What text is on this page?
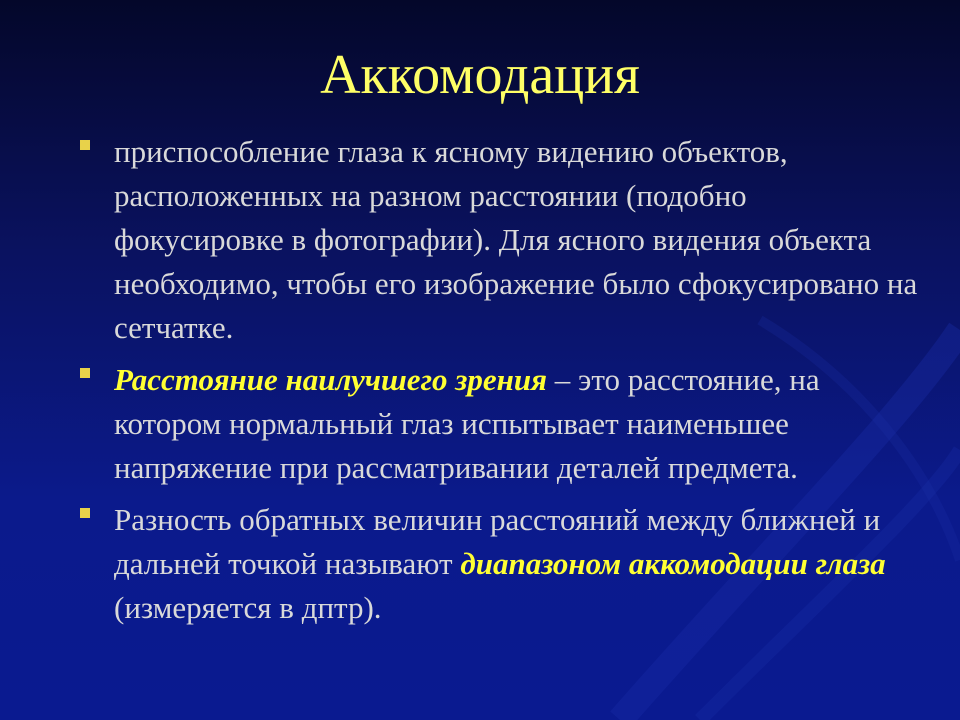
Аккомодация
приспособление глаза к ясному видению объектов, расположенных на разном расстоянии (подобно фокусировке в фотографии). Для ясного видения объекта необходимо, чтобы его изображение было сфокусировано на сетчатке.
Расстояние наилучшего зрения – это расстояние, на котором нормальный глаз испытывает наименьшее напряжение при рассматривании деталей предмета.
Разность обратных величин расстояний между ближней и дальней точкой называют диапазоном аккомодации глаза (измеряется в дптр).
